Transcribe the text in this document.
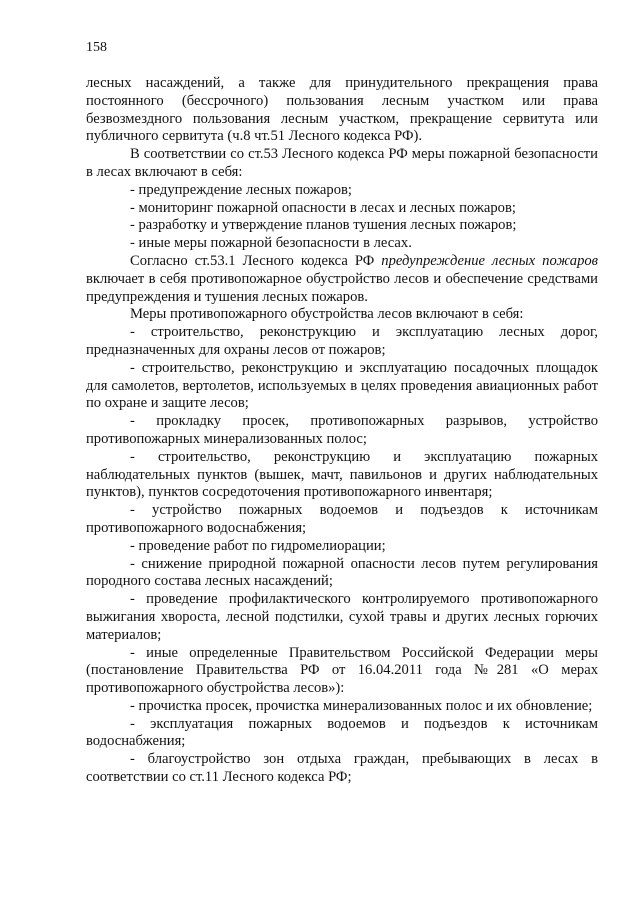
158

лесных насаждений, а также для принудительного прекращения права постоянного (бессрочного) пользования лесным участком или права безвозмездного пользования лесным участком, прекращение сервитута или публичного сервитута (ч.8 чт.51 Лесного кодекса РФ).

В соответствии со ст.53 Лесного кодекса РФ меры пожарной безопасности в лесах включают в себя:

- предупреждение лесных пожаров;

- мониторинг пожарной опасности в лесах и лесных пожаров;

- разработку и утверждение планов тушения лесных пожаров;

- иные меры пожарной безопасности в лесах.

Согласно ст.53.1 Лесного кодекса РФ предупреждение лесных пожаров включает в себя противопожарное обустройство лесов и обеспечение средствами предупреждения и тушения лесных пожаров.

Меры противопожарного обустройства лесов включают в себя:

- строительство, реконструкцию и эксплуатацию лесных дорог, предназначенных для охраны лесов от пожаров;

- строительство, реконструкцию и эксплуатацию посадочных площадок для самолетов, вертолетов, используемых в целях проведения авиационных работ по охране и защите лесов;

- прокладку просек, противопожарных разрывов, устройство противопожарных минерализованных полос;

- строительство, реконструкцию и эксплуатацию пожарных наблюдательных пунктов (вышек, мачт, павильонов и других наблюдательных пунктов), пунктов сосредоточения противопожарного инвентаря;

- устройство пожарных водоемов и подъездов к источникам противопожарного водоснабжения;

- проведение работ по гидромелиорации;

- снижение природной пожарной опасности лесов путем регулирования породного состава лесных насаждений;

- проведение профилактического контролируемого противопожарного выжигания хвороста, лесной подстилки, сухой травы и других лесных горючих материалов;

- иные определенные Правительством Российской Федерации меры (постановление Правительства РФ от 16.04.2011 года №281 «О мерах противопожарного обустройства лесов»):

- прочистка просек, прочистка минерализованных полос и их обновление;

- эксплуатация пожарных водоемов и подъездов к источникам водоснабжения;

- благоустройство зон отдыха граждан, пребывающих в лесах в соответствии со ст.11 Лесного кодекса РФ;
